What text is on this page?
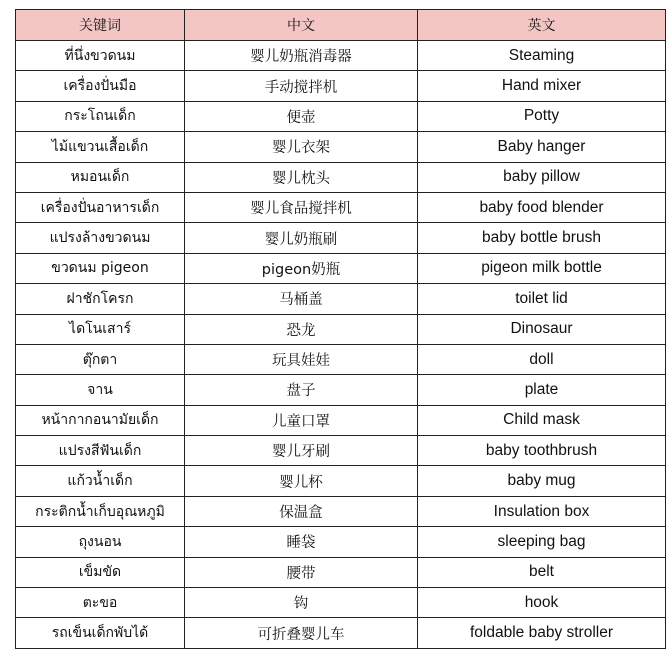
关键词	中文	英文
ที่นึ่งขวดนม	婴儿奶瓶消毒器	Steaming
เครื่องปั่นมือ	手动搅拌机	Hand mixer
กระโถนเด็ก	便壶	Potty
ไม้แขวนเสื้อเด็ก	婴儿衣架	Baby hanger
หมอนเด็ก	婴儿枕头	baby pillow
เครื่องปั่นอาหารเด็ก	婴儿食品搅拌机	baby food blender
แปรงล้างขวดนม	婴儿奶瓶刷	baby bottle brush
ขวดนม pigeon	pigeon奶瓶	pigeon milk bottle
ฝาชักโครก	马桶盖	toilet lid
ไดโนเสาร์	恐龙	Dinosaur
ตุ๊กตา	玩具娃娃	doll
จาน	盘子	plate
หน้ากากอนามัยเด็ก	儿童口罩	Child mask
แปรงสีฟันเด็ก	婴儿牙刷	baby toothbrush
แก้วน้ำเด็ก	婴儿杯	baby mug
กระติกน้ำเก็บอุณหภูมิ	保温盒	Insulation box
ถุงนอน	睡袋	sleeping bag
เข็มขัด	腰带	belt
ตะขอ	钩	hook
รถเข็นเด็กพับได้	可折叠婴儿车	foldable baby stroller
